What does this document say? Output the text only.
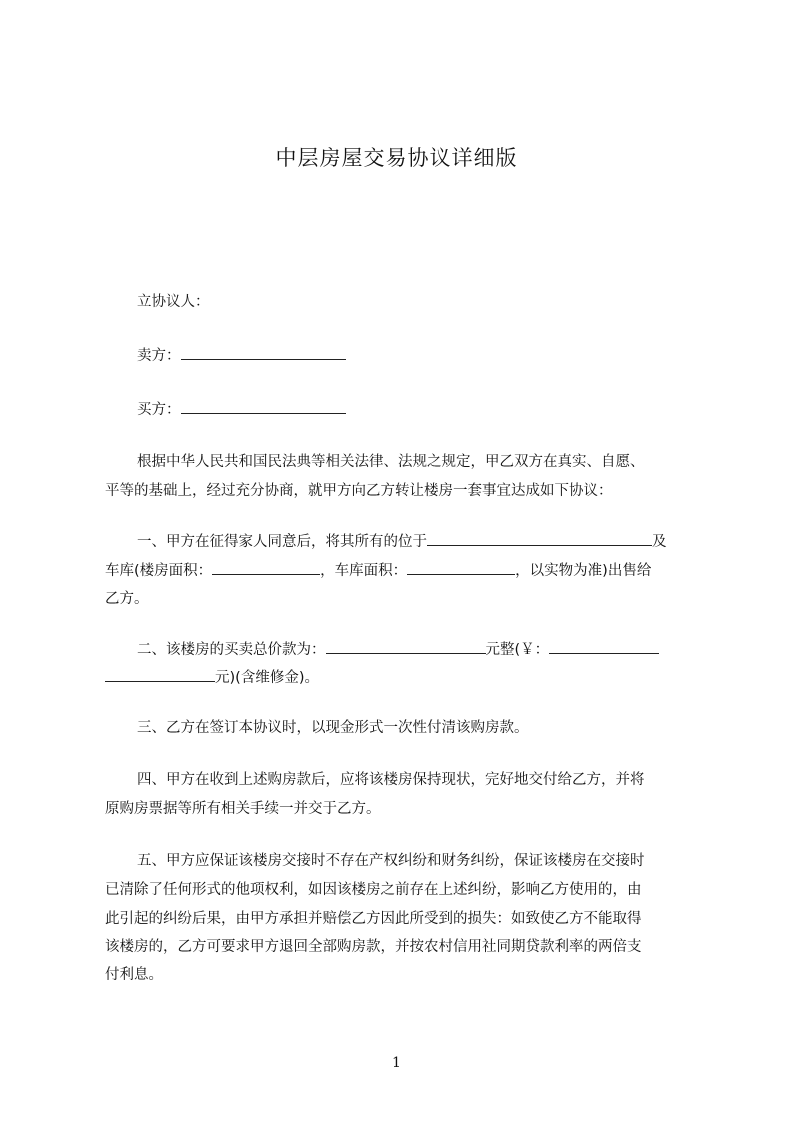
中层房屋交易协议详细版
立协议人：
卖方：
买方：
根据中华人民共和国民法典等相关法律、法规之规定，甲乙双方在真实、自愿、
平等的基础上，经过充分协商，就甲方向乙方转让楼房一套事宜达成如下协议：
一、甲方在征得家人同意后，将其所有的位于	及
车库(楼房面积：	，车库面积：	，以实物为准)出售给
乙方。
二、该楼房的买卖总价款为：	元整(￥：
元)(含维修金)。
三、乙方在签订本协议时，以现金形式一次性付清该购房款。
四、甲方在收到上述购房款后，应将该楼房保持现状，完好地交付给乙方，并将
原购房票据等所有相关手续一并交于乙方。
五、甲方应保证该楼房交接时不存在产权纠纷和财务纠纷，保证该楼房在交接时
已清除了任何形式的他项权利，如因该楼房之前存在上述纠纷，影响乙方使用的，由
此引起的纠纷后果，由甲方承担并赔偿乙方因此所受到的损失：如致使乙方不能取得
该楼房的，乙方可要求甲方退回全部购房款，并按农村信用社同期贷款利率的两倍支
付利息。
1
